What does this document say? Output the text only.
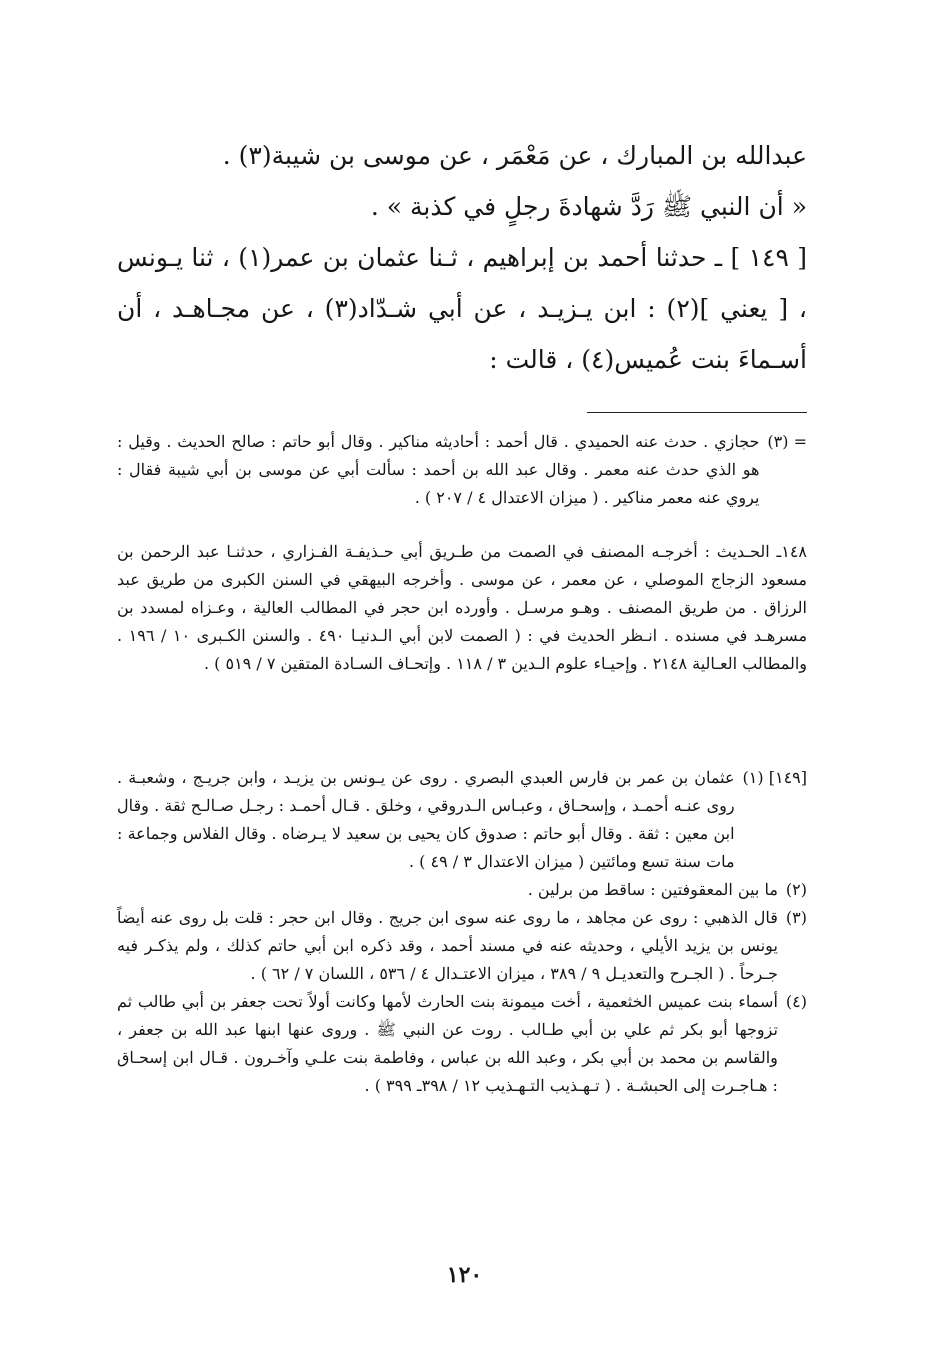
عبدالله بن المبارك ، عن مَعْمَر ، عن موسى بن شيبة(٣) .

« أن النبي ﷺ رَدَّ شهادةَ رجلٍ في كذبة » .

[ ١٤٩ ] ـ حدثنا أحمد بن إبراهيم ، ثـنا عثمان بن عمر(١) ، ثنا يـونس ، [ يعني ](٢) : ابن يـزيـد ، عن أبي شـدّاد(٣) ، عن مجـاهـد ، أن أسـماءَ بنت عُميس(٤) ، قالت :

= (٣)

حجازي . حدث عنه الحميدي . قال أحمد : أحاديثه مناكير . وقال أبو حاتم : صالح الحديث . وقيل : هو الذي حدث عنه معمر . وقال عبد الله بن أحمد : سألت أبي عن موسى بن أبي شيبة فقال : يروي عنه معمر مناكير . ( ميزان الاعتدال ٤ / ٢٠٧ ) .

١٤٨ـ الحـديث : أخرجـه المصنف في الصمت من طـريق أبي حـذيفـة الفـزاري ، حدثنـا عبد الرحمن بن مسعود الزجاج الموصلي ، عن معمر ، عن موسى . وأخرجه البيهقي في السنن الكبرى من طريق عبد الرزاق . من طريق المصنف . وهـو مرسـل . وأورده ابن حجر في المطالب العالية ، وعـزاه لمسدد بن مسرهـد في مسنده . انـظر الحديث في : ( الصمت لابن أبي الـدنيـا ٤٩٠ . والسنن الكـبرى ١٠ / ١٩٦ . والمطالب العـالية ٢١٤٨ . وإحيـاء علوم الـدين ٣ / ١١٨ . وإتحـاف السـادة المتقين ٧ / ٥١٩ ) .

[١٤٩] (١)

عثمان بن عمر بن فارس العبدي البصري . روى عن يـونس بن يزيـد ، وابن جريـج ، وشعبـة . روى عنـه أحمـد ، وإسحـاق ، وعبـاس الـدروقي ، وخلق . قـال أحمـد : رجـل صـالـح ثقة . وقال ابن معين : ثقة . وقال أبو حاتم : صدوق كان يحيى بن سعيد لا يـرضاه . وقال الفلاس وجماعة : مات سنة تسع ومائتين ( ميزان الاعتدال ٣ / ٤٩ ) .

(٢)

ما بين المعقوفتين : ساقط من برلين .

(٣)

قال الذهبي : روى عن مجاهد ، ما روى عنه سوى ابن جريج . وقال ابن حجر : قلت بل روى عنه أيضاً يونس بن يزيد الأيلي ، وحديثه عنه في مسند أحمد ، وقد ذكره ابن أبي حاتم كذلك ، ولم يذكـر فيه جـرحاً . ( الجـرح والتعديـل ٩ / ٣٨٩ ، ميزان الاعتـدال ٤ / ٥٣٦ ، اللسان ٧ / ٦٢ ) .

(٤)

أسماء بنت عميس الخثعمية ، أخت ميمونة بنت الحارث لأمها وكانت أولاً تحت جعفر بن أبي طالب ثم تزوجها أبو بكر ثم علي بن أبي طـالب . روت عن النبي ﷺ . وروى عنها ابنها عبد الله بن جعفر ، والقاسم بن محمد بن أبي بكر ، وعبد الله بن عباس ، وفاطمة بنت علـي وآخـرون . قـال ابن إسحـاق : هـاجـرت إلى الحبشـة . ( تـهـذيب التـهـذيب ١٢ / ٣٩٨ـ ٣٩٩ ) .

١٢٠
